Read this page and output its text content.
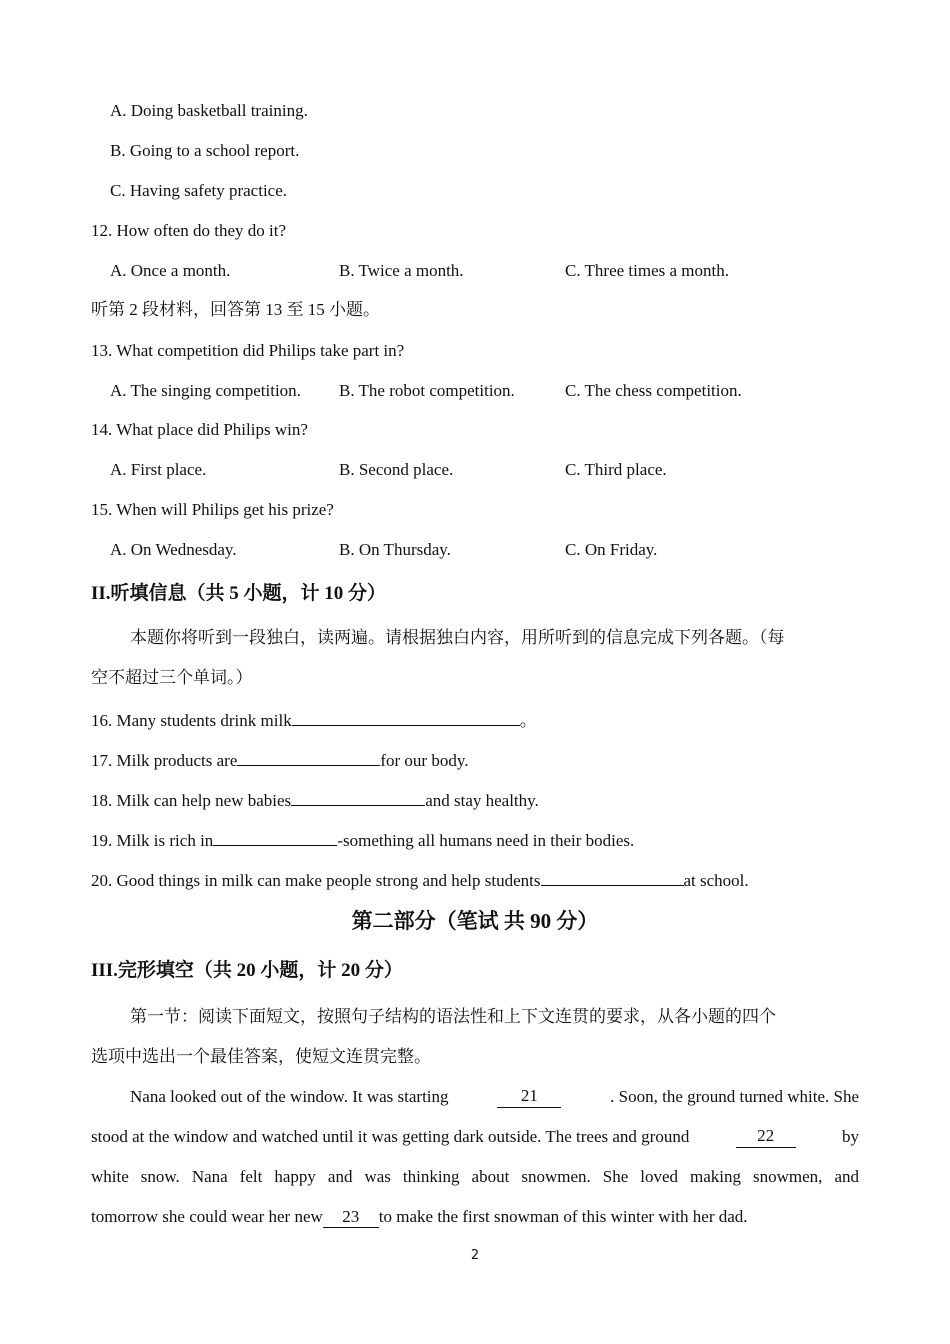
A. Doing basketball training.
B. Going to a school report.
C. Having safety practice.
12. How often do they do it?
A. Once a month.	B. Twice a month.	C. Three times a month.
听第 2 段材料，回答第 13 至 15 小题。
13. What competition did Philips take part in?
A. The singing competition. B. The robot competition.	C. The chess competition.
14. What place did Philips win?
A. First place.	B. Second place.	C. Third place.
15. When will Philips get his prize?
A. On Wednesday.	B. On Thursday.	C. On Friday.
II.听填信息（共 5 小题，计 10 分）
本题你将听到一段独白，读两遍。请根据独白内容，用所听到的信息完成下列各题。（每
空不超过三个单词。）
16. Many students drink milk	。
17. Milk products are	for our body.
18. Milk can help new babies	and stay healthy.
19. Milk is rich in	-something all humans need in their bodies.
20. Good things in milk can make people strong and help students	at school.
第二部分（笔试 共 90 分）
III.完形填空（共 20 小题，计 20 分）
第一节：阅读下面短文，按照句子结构的语法性和上下文连贯的要求，从各小题的四个
选项中选出一个最佳答案，使短文连贯完整。
Nana looked out of the window. It was starting	21	. Soon, the ground turned white. She
stood at the window and watched until it was getting dark outside. The trees and ground	22	by
white snow. Nana felt happy and was thinking about snowmen. She loved making snowmen, and
tomorrow she could wear her new 23 to make the first snowman of this winter with her dad.
2
